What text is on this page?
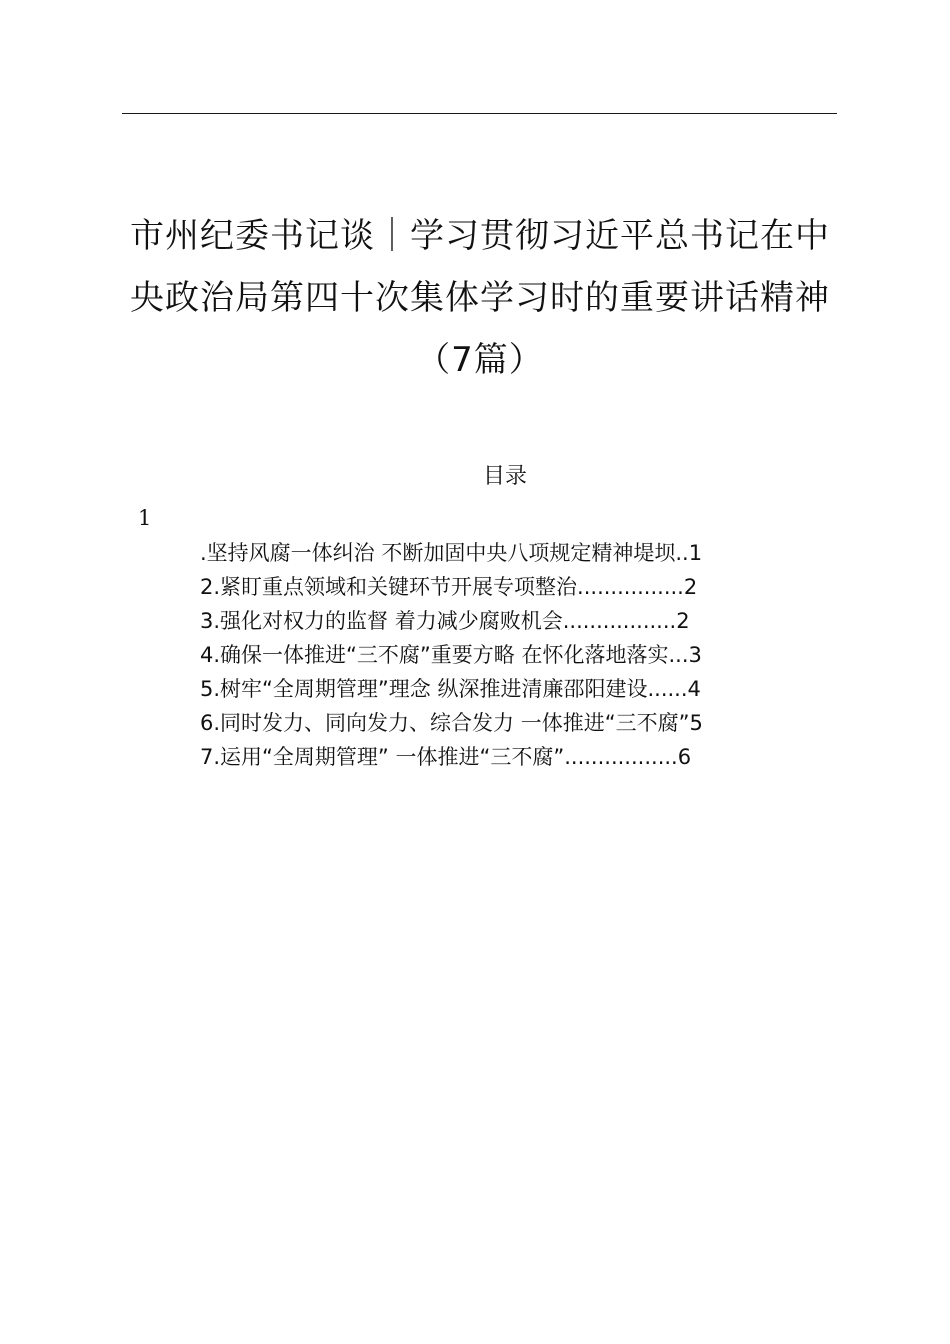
市州纪委书记谈｜学习贯彻习近平总书记在中
央政治局第四十次集体学习时的重要讲话精神
（7篇）
目录
1
.坚持风腐一体纠治 不断加固中央八项规定精神堤坝 .. 1
2.紧盯重点领域和关键环节开展专项整治 ................ 2
3.强化对权力的监督 着力减少腐败机会 ................. 2
4.确保一体推进“三不腐”重要方略 在怀化落地落实 ... 3
5.树牢“全周期管理”理念 纵深推进清廉邵阳建设 ...... 4
6.同时发力、同向发力、综合发力 一体推进“三不腐” 5
7.运用“全周期管理” 一体推进“三不腐” ................. 6
